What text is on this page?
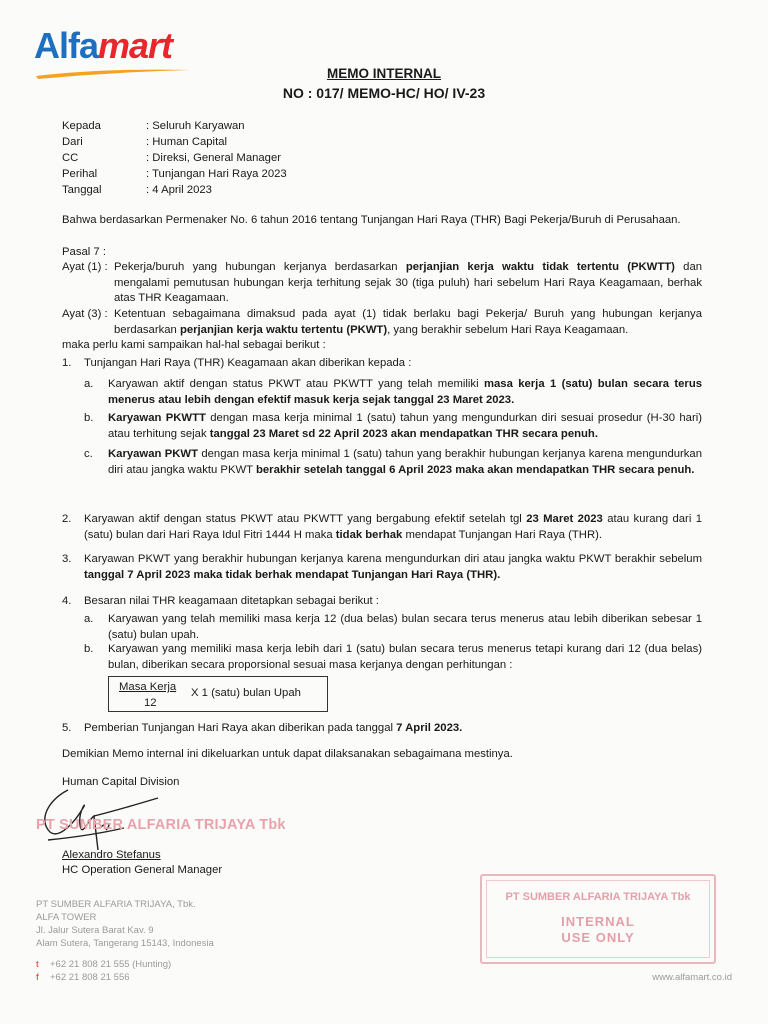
Alfamart
MEMO INTERNAL
NO : 017/ MEMO-HC/ HO/ IV-23
Kepada	: Seluruh Karyawan
Dari	: Human Capital
CC	: Direksi, General Manager
Perihal	: Tunjangan Hari Raya 2023
Tanggal	: 4 April 2023
Bahwa berdasarkan Permenaker No. 6 tahun 2016 tentang Tunjangan Hari Raya (THR) Bagi Pekerja/Buruh di Perusahaan.
Pasal 7 :
Ayat (1) : Pekerja/buruh yang hubungan kerjanya berdasarkan perjanjian kerja waktu tidak tertentu (PKWTT) dan mengalami pemutusan hubungan kerja terhitung sejak 30 (tiga puluh) hari sebelum Hari Raya Keagamaan, berhak atas THR Keagamaan.
Ayat (3) : Ketentuan sebagaimana dimaksud pada ayat (1) tidak berlaku bagi Pekerja/ Buruh yang hubungan kerjanya berdasarkan perjanjian kerja waktu tertentu (PKWT), yang berakhir sebelum Hari Raya Keagamaan.
maka perlu kami sampaikan hal-hal sebagai berikut :
1. Tunjangan Hari Raya (THR) Keagamaan akan diberikan kepada :
a. Karyawan aktif dengan status PKWT atau PKWTT yang telah memiliki masa kerja 1 (satu) bulan secara terus menerus atau lebih dengan efektif masuk kerja sejak tanggal 23 Maret 2023.
b. Karyawan PKWTT dengan masa kerja minimal 1 (satu) tahun yang mengundurkan diri sesuai prosedur (H-30 hari) atau terhitung sejak tanggal 23 Maret sd 22 April 2023 akan mendapatkan THR secara penuh.
c. Karyawan PKWT dengan masa kerja minimal 1 (satu) tahun yang berakhir hubungan kerjanya karena mengundurkan diri atau jangka waktu PKWT berakhir setelah tanggal 6 April 2023 maka akan mendapatkan THR secara penuh.
2. Karyawan aktif dengan status PKWT atau PKWTT yang bergabung efektif setelah tgl 23 Maret 2023 atau kurang dari 1 (satu) bulan dari Hari Raya Idul Fitri 1444 H maka tidak berhak mendapat Tunjangan Hari Raya (THR).
3. Karyawan PKWT yang berakhir hubungan kerjanya karena mengundurkan diri atau jangka waktu PKWT berakhir sebelum tanggal 7 April 2023 maka tidak berhak mendapat Tunjangan Hari Raya (THR).
4. Besaran nilai THR keagamaan ditetapkan sebagai berikut :
a. Karyawan yang telah memiliki masa kerja 12 (dua belas) bulan secara terus menerus atau lebih diberikan sebesar 1 (satu) bulan upah.
b. Karyawan yang memiliki masa kerja lebih dari 1 (satu) bulan secara terus menerus tetapi kurang dari 12 (dua belas) bulan, diberikan secara proporsional sesuai masa kerjanya dengan perhitungan :
Masa Kerja
12
X 1 (satu) bulan Upah
5. Pemberian Tunjangan Hari Raya akan diberikan pada tanggal 7 April 2023.
Demikian Memo internal ini dikeluarkan untuk dapat dilaksanakan sebagaimana mestinya.
Human Capital Division
PT SUMBER ALFARIA TRIJAYA Tbk
Alexandro Stefanus
HC Operation General Manager
PT SUMBER ALFARIA TRIJAYA, Tbk.
ALFA TOWER
Jl. Jalur Sutera Barat Kav. 9
Alam Sutera, Tangerang 15143, Indonesia
t +62 21 808 21 555 (Hunting)
f +62 21 808 21 556	www.alfamart.co.id
PT SUMBER ALFARIA TRIJAYA Tbk
INTERNAL
USE ONLY
